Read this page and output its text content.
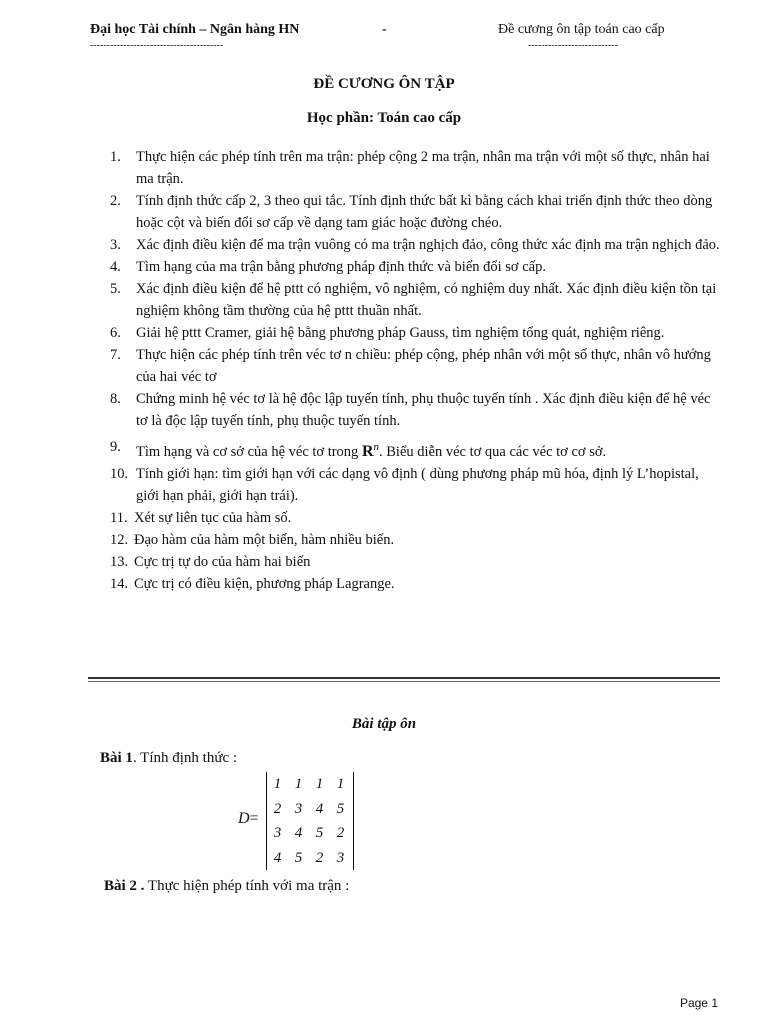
Đại học Tài chính – Ngân hàng HN	-	Đề cương ôn tập toán cao cấp
----------------------------------------	---------------------------
ĐỀ CƯƠNG ÔN TẬP
Học phần: Toán cao cấp
1.	Thực hiện các phép tính trên ma trận: phép cộng 2 ma trận, nhân ma trận với một số thực, nhân hai ma trận.
2.	Tính định thức cấp 2, 3 theo qui tắc. Tính định thức bất kì bằng cách khai triển định thức theo dòng hoặc cột và biến đổi sơ cấp về dạng tam giác hoặc đường chéo.
3.	Xác định điều kiện để ma trận vuông có ma trận nghịch đảo, công thức xác định ma trận nghịch đảo.
4.	Tìm hạng của ma trận bằng phương pháp định thức và biến đổi sơ cấp.
5.	Xác định điều kiện để hệ pttt có nghiệm, vô nghiệm, có nghiệm duy nhất. Xác định điều kiện tồn tại nghiệm không tầm thường của hệ pttt thuần nhất.
6.	Giải hệ pttt Cramer, giải hệ bằng phương pháp Gauss, tìm nghiệm tổng quát, nghiệm riêng.
7.	Thực hiện các phép tính trên véc tơ n chiều: phép cộng, phép nhân với một số thực, nhân vô hướng của hai véc tơ
8.	Chứng minh hệ véc tơ là hệ độc lập tuyến tính, phụ thuộc tuyến tính . Xác định điều kiện để hệ véc tơ là độc lập tuyến tính, phụ thuộc tuyến tính.
9.	Tìm hạng và cơ sở của hệ véc tơ trong $R^n$. Biểu diễn véc tơ qua các véc tơ cơ sở.
10. Tính giới hạn: tìm giới hạn với các dạng vô định ( dùng phương pháp mũ hóa, định lý L’hopistal, giới hạn phải, giới hạn trái).
11. Xét sự liên tục của hàm số.
12. Đạo hàm của hàm một biến, hàm nhiều biến.
13. Cực trị tự do của hàm hai biến
14. Cực trị có điều kiện, phương pháp Lagrange.
Bài tập ôn

Bài 1. Tính định thức :

D=
1 1 1 1
2 3 4 5
3 4 5 2
4 5 2 3

Bài 2 . Thực hiện phép tính với ma trận :

Page 1
